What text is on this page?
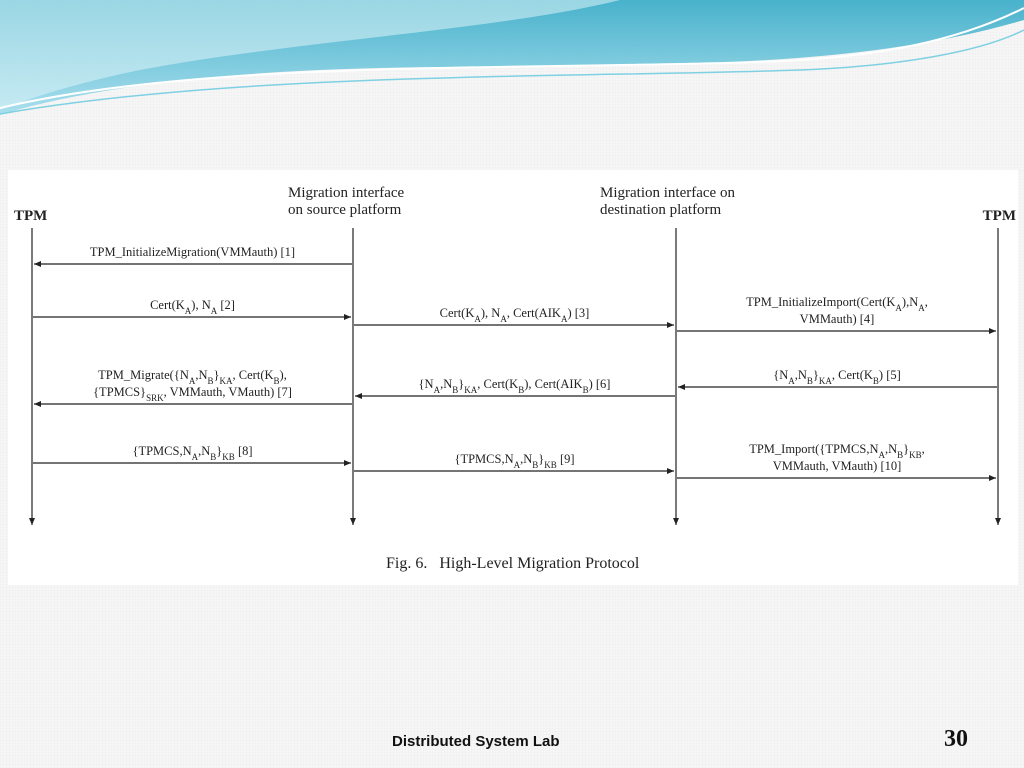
TPM
Migration interface
on source platform
Migration interface on
destination platform	TPM
TPM_InitializeMigration(VMMauth) [1]
$Cert(K_A)$, $N_A$ [2]
$Cert(K_A)$, $N_A$, $Cert(AIK_A)$ [3]
$TPM\_InitializeImport(Cert(K_A),N_A$,
VMMauth) [4]
$\{N_A,N_B\}_{KA}$, $Cert(K_B)$ [5]
$\{N_A,N_B\}_{KA}$, $Cert(K_B)$, $Cert(AIK_B)$ [6]
$TPM\_Migrate(\{N_A,N_B\}_{KA}$, $Cert(K_B)$,
$\{TPMCS\}_{SRK}$, VMMauth, VMauth) [7]
$\{TPMCS,N_A,N_B\}_{KB}$ [8]
$\{TPMCS,N_A,N_B\}_{KB}$ [9]
$TPM\_Import(\{TPMCS,N_A,N_B\}_{KB}$,
VMMauth, VMauth) [10]
Fig. 6.   High-Level Migration Protocol
Distributed System Lab	30
